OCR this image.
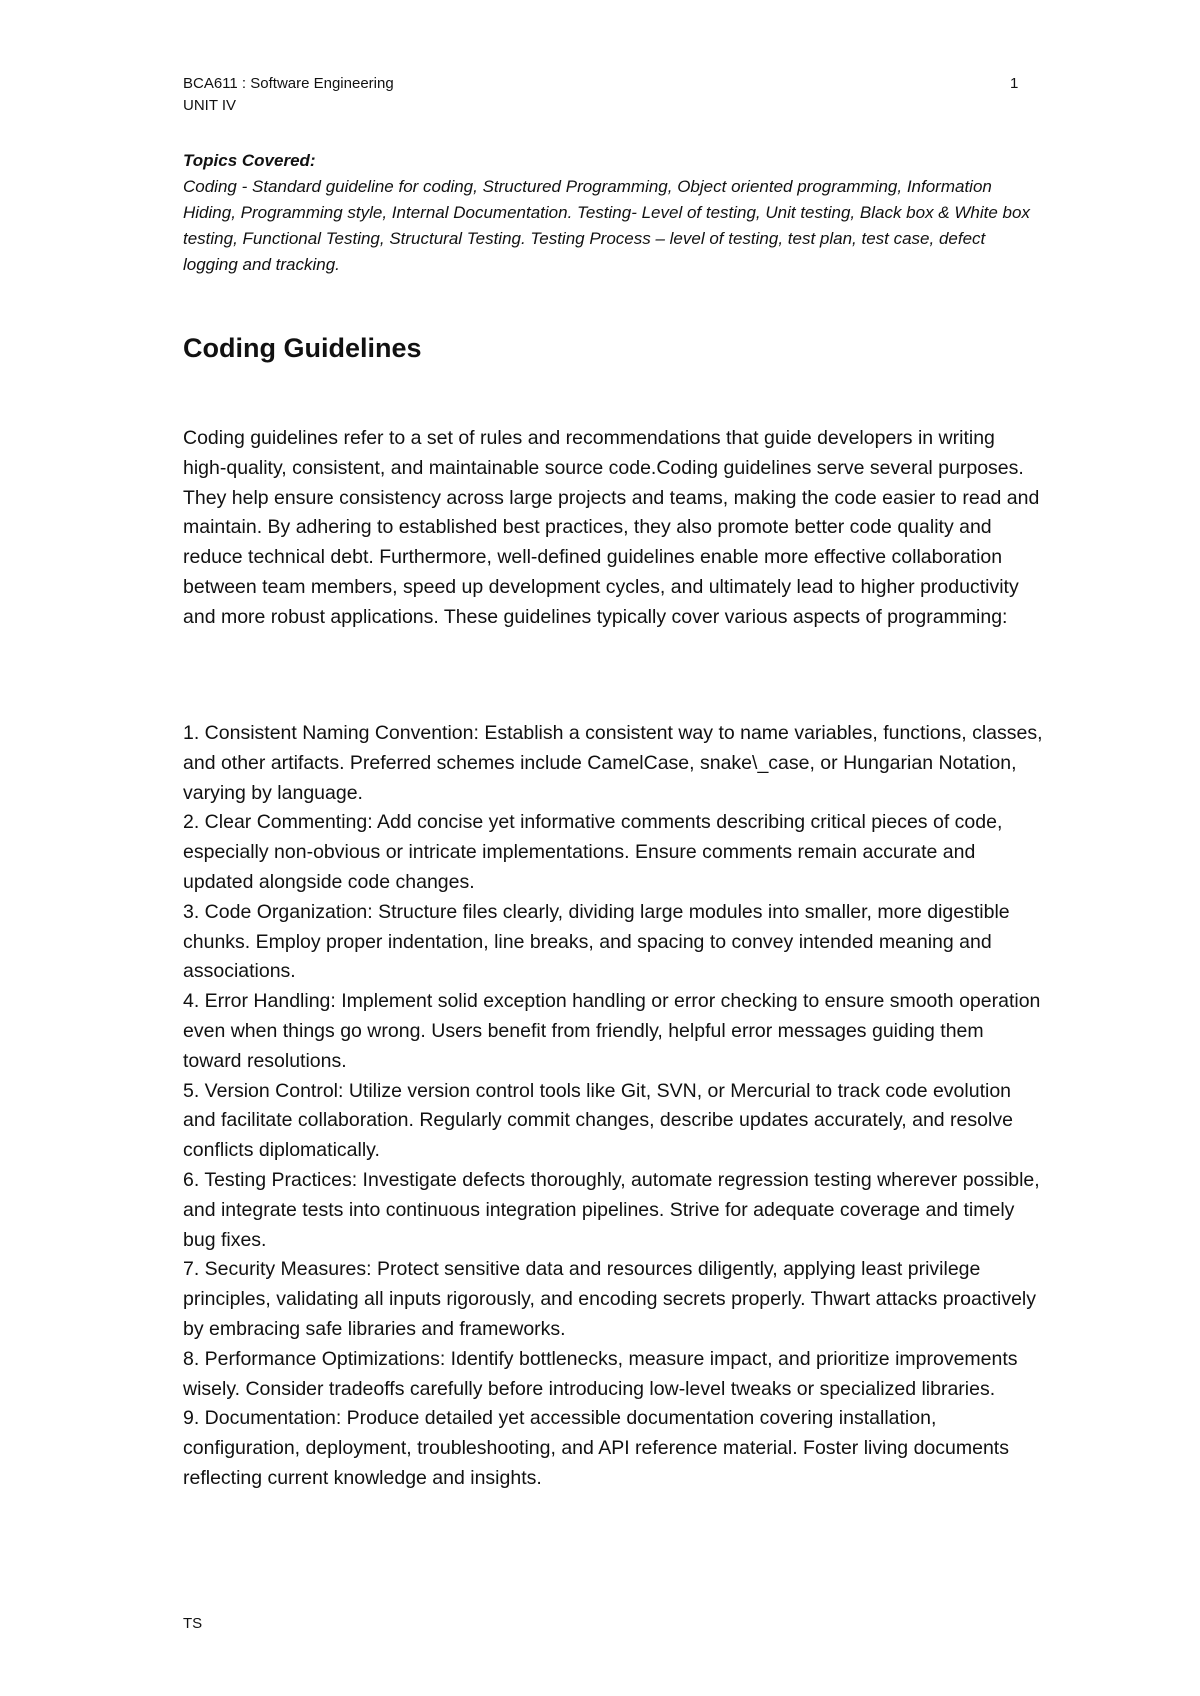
BCA611 : Software Engineering
UNIT IV
1
Topics Covered:
Coding - Standard guideline for coding, Structured Programming, Object oriented programming, Information Hiding, Programming style, Internal Documentation. Testing- Level of testing, Unit testing, Black box & White box testing, Functional Testing, Structural Testing. Testing Process – level of testing, test plan, test case, defect logging and tracking.
Coding Guidelines

Coding guidelines refer to a set of rules and recommendations that guide developers in writing high-quality, consistent, and maintainable source code.Coding guidelines serve several purposes. They help ensure consistency across large projects and teams, making the code easier to read and maintain. By adhering to established best practices, they also promote better code quality and reduce technical debt. Furthermore, well-defined guidelines enable more effective collaboration between team members, speed up development cycles, and ultimately lead to higher productivity and more robust applications. These guidelines typically cover various aspects of programming:

1. Consistent Naming Convention: Establish a consistent way to name variables, functions, classes, and other artifacts. Preferred schemes include CamelCase, snake\_case, or Hungarian Notation, varying by language.
2. Clear Commenting: Add concise yet informative comments describing critical pieces of code, especially non-obvious or intricate implementations. Ensure comments remain accurate and updated alongside code changes.
3. Code Organization: Structure files clearly, dividing large modules into smaller, more digestible chunks. Employ proper indentation, line breaks, and spacing to convey intended meaning and associations.
4. Error Handling: Implement solid exception handling or error checking to ensure smooth operation even when things go wrong. Users benefit from friendly, helpful error messages guiding them toward resolutions.
5. Version Control: Utilize version control tools like Git, SVN, or Mercurial to track code evolution and facilitate collaboration. Regularly commit changes, describe updates accurately, and resolve conflicts diplomatically.
6. Testing Practices: Investigate defects thoroughly, automate regression testing wherever possible, and integrate tests into continuous integration pipelines. Strive for adequate coverage and timely bug fixes.
7. Security Measures: Protect sensitive data and resources diligently, applying least privilege principles, validating all inputs rigorously, and encoding secrets properly. Thwart attacks proactively by embracing safe libraries and frameworks.
8. Performance Optimizations: Identify bottlenecks, measure impact, and prioritize improvements wisely. Consider tradeoffs carefully before introducing low-level tweaks or specialized libraries.
9. Documentation: Produce detailed yet accessible documentation covering installation, configuration, deployment, troubleshooting, and API reference material. Foster living documents reflecting current knowledge and insights.
TS
